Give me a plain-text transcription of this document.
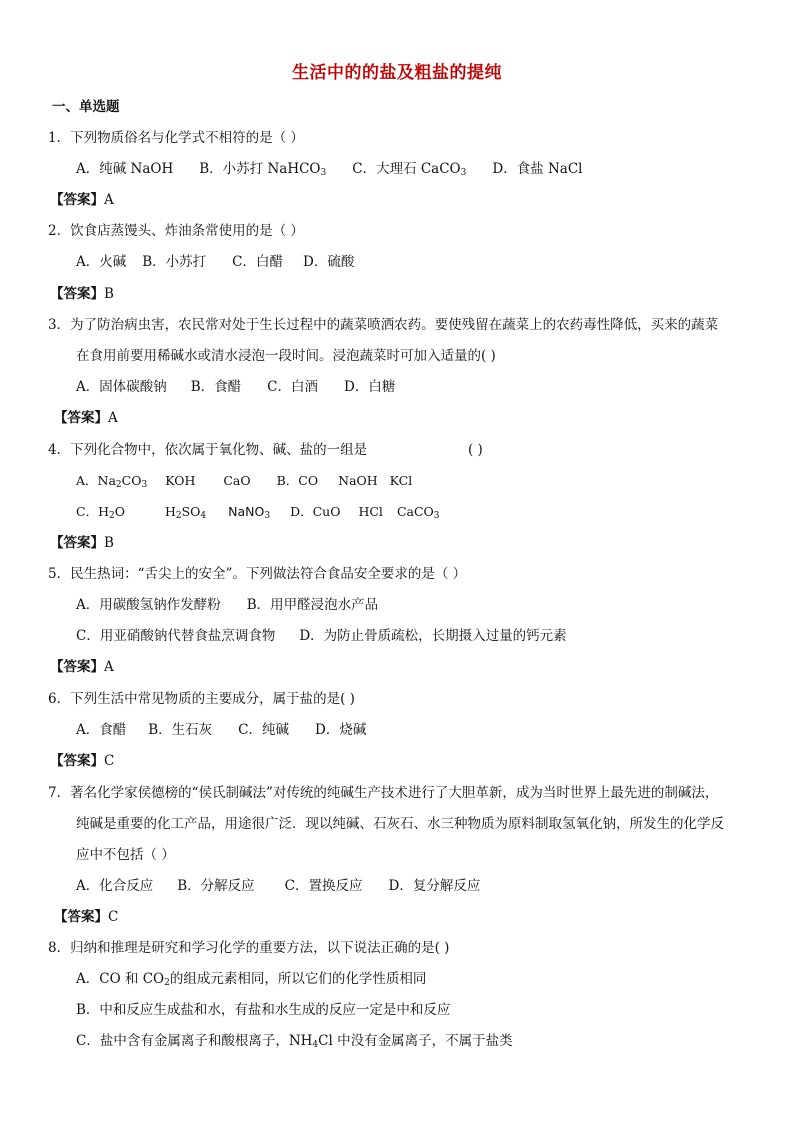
生活中的的盐及粗盐的提纯
一、单选题
1．下列物质俗名与化学式不相符的是（ ）
A．纯碱 NaOH B．小苏打 NaHCO$_3$ C．大理石 CaCO$_3$ D．食盐 NaCl
【答案】A
2．饮食店蒸馒头、炸油条常使用的是（ ）
A．火碱 B．小苏打 C．白醋 D．硫酸
【答案】B
3．为了防治病虫害，农民常对处于生长过程中的蔬菜喷洒农药。要使残留在蔬菜上的农药毒性降低，买来的蔬菜
在食用前要用稀碱水或清水浸泡一段时间。浸泡蔬菜时可加入适量的( )
A．固体碳酸钠 B．食醋 C．白酒 D．白糖
【答案】A
4．下列化合物中，依次属于氧化物、碱、盐的一组是	( )
A．$Na_2CO_3$ KOH CaO B．CO NaOH KCl
C．$H_2O$	$H_2SO_4$ NaNO$_3$ D．CuO HCl CaCO$_3$
【答案】B
5．民生热词：“舌尖上的安全”。下列做法符合食品安全要求的是（ ）
A．用碳酸氢钠作发酵粉 B．用甲醛浸泡水产品
C．用亚硝酸钠代替食盐烹调食物 D．为防止骨质疏松，长期摄入过量的钙元素
【答案】A
6．下列生活中常见物质的主要成分，属于盐的是( )
A．食醋 B．生石灰 C．纯碱 D．烧碱
【答案】C
7．著名化学家侯德榜的“侯氏制碱法”对传统的纯碱生产技术进行了大胆革新，成为当时世界上最先进的制碱法，
纯碱是重要的化工产品，用途很广泛．现以纯碱、石灰石、水三种物质为原料制取氢氧化钠，所发生的化学反
应中不包括（ ）
A．化合反应 B．分解反应 C．置换反应 D．复分解反应
【答案】C
8．归纳和推理是研究和学习化学的重要方法，以下说法正确的是( )
A．CO 和 $CO_2$的组成元素相同，所以它们的化学性质相同
B．中和反应生成盐和水，有盐和水生成的反应一定是中和反应
C．盐中含有金属离子和酸根离子，$NH_4Cl$ 中没有金属离子，不属于盐类
